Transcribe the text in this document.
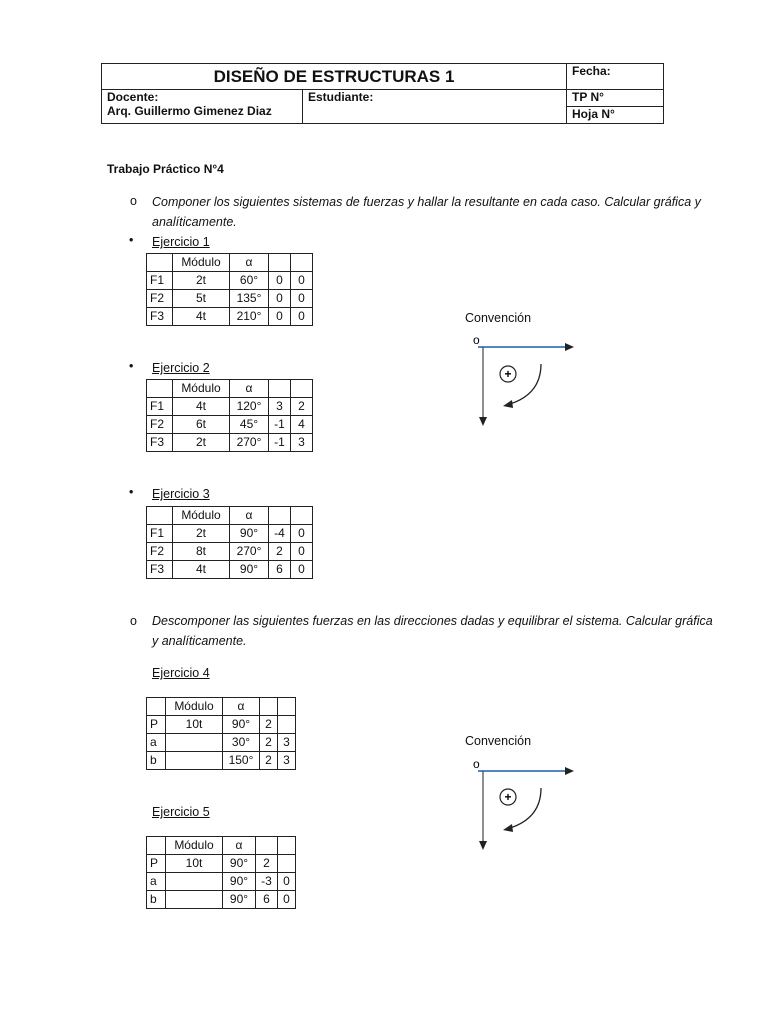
DISEÑO DE ESTRUCTURAS 1		Fecha:

Docente:
Arq. Guillermo Gimenez Diaz	Estudiante:	TP N°
		Hoja N°
Trabajo Práctico N°4
o Componer los siguientes sistemas de fuerzas y hallar la resultante en cada caso. Calcular gráfica y
analíticamente.
• Ejercicio 1
	Módulo	α		
F1	2t	60°	0	0
F2	5t	135°	0	0
F3	4t	210°	0	0
• Ejercicio 2
	Módulo	α		
F1	4t	120°	3	2
F2	6t	45°	-1	4
F3	2t	270°	-1	3
• Ejercicio 3
	Módulo	α		
F1	2t	90°	-4	0
F2	8t	270°	2	0
F3	4t	90°	6	0
o Descomponer las siguientes fuerzas en las direcciones dadas y equilibrar el sistema. Calcular gráfica
y analíticamente.
Ejercicio 4
	Módulo	α		
P	10t	90°	2	
a		30°	2	3
b		150°	2	3
Ejercicio 5
	Módulo	α		
P	10t	90°	2	
a		90°	-3	0
b		90°	6	0
Convención
o
+
Convención
o
+
